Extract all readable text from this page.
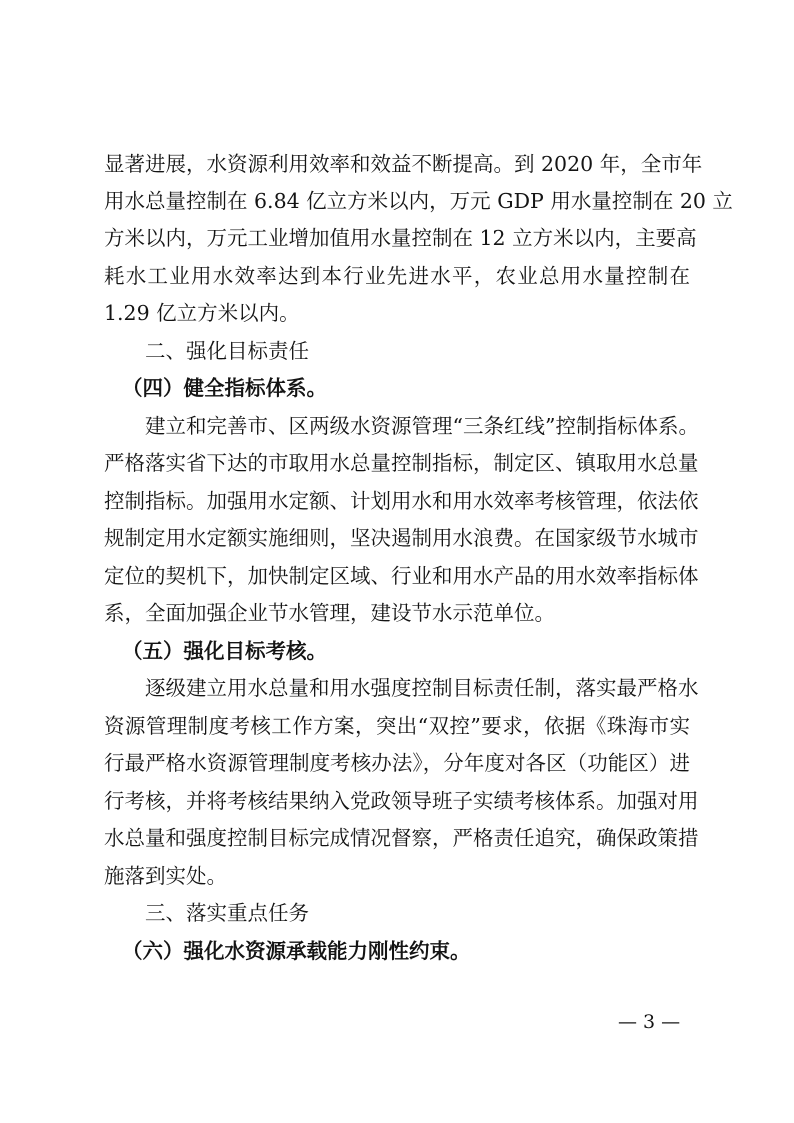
显著进展，水资源利用效率和效益不断提高。到 2020 年，全市年
用水总量控制在 6.84 亿立方米以内，万元 GDP 用水量控制在 20 立
方米以内，万元工业增加值用水量控制在 12 立方米以内，主要高
耗水工业用水效率达到本行业先进水平，农业总用水量控制在
1.29 亿立方米以内。
二、强化目标责任
（四）健全指标体系。
建立和完善市、区两级水资源管理“三条红线”控制指标体系。
严格落实省下达的市取用水总量控制指标，制定区、镇取用水总量
控制指标。加强用水定额、计划用水和用水效率考核管理，依法依
规制定用水定额实施细则，坚决遏制用水浪费。在国家级节水城市
定位的契机下，加快制定区域、行业和用水产品的用水效率指标体
系，全面加强企业节水管理，建设节水示范单位。
（五）强化目标考核。
逐级建立用水总量和用水强度控制目标责任制，落实最严格水
资源管理制度考核工作方案，突出“双控”要求，依据《珠海市实
行最严格水资源管理制度考核办法》，分年度对各区（功能区）进
行考核，并将考核结果纳入党政领导班子实绩考核体系。加强对用
水总量和强度控制目标完成情况督察，严格责任追究，确保政策措
施落到实处。
三、落实重点任务
（六）强化水资源承载能力刚性约束。
— 3 —
